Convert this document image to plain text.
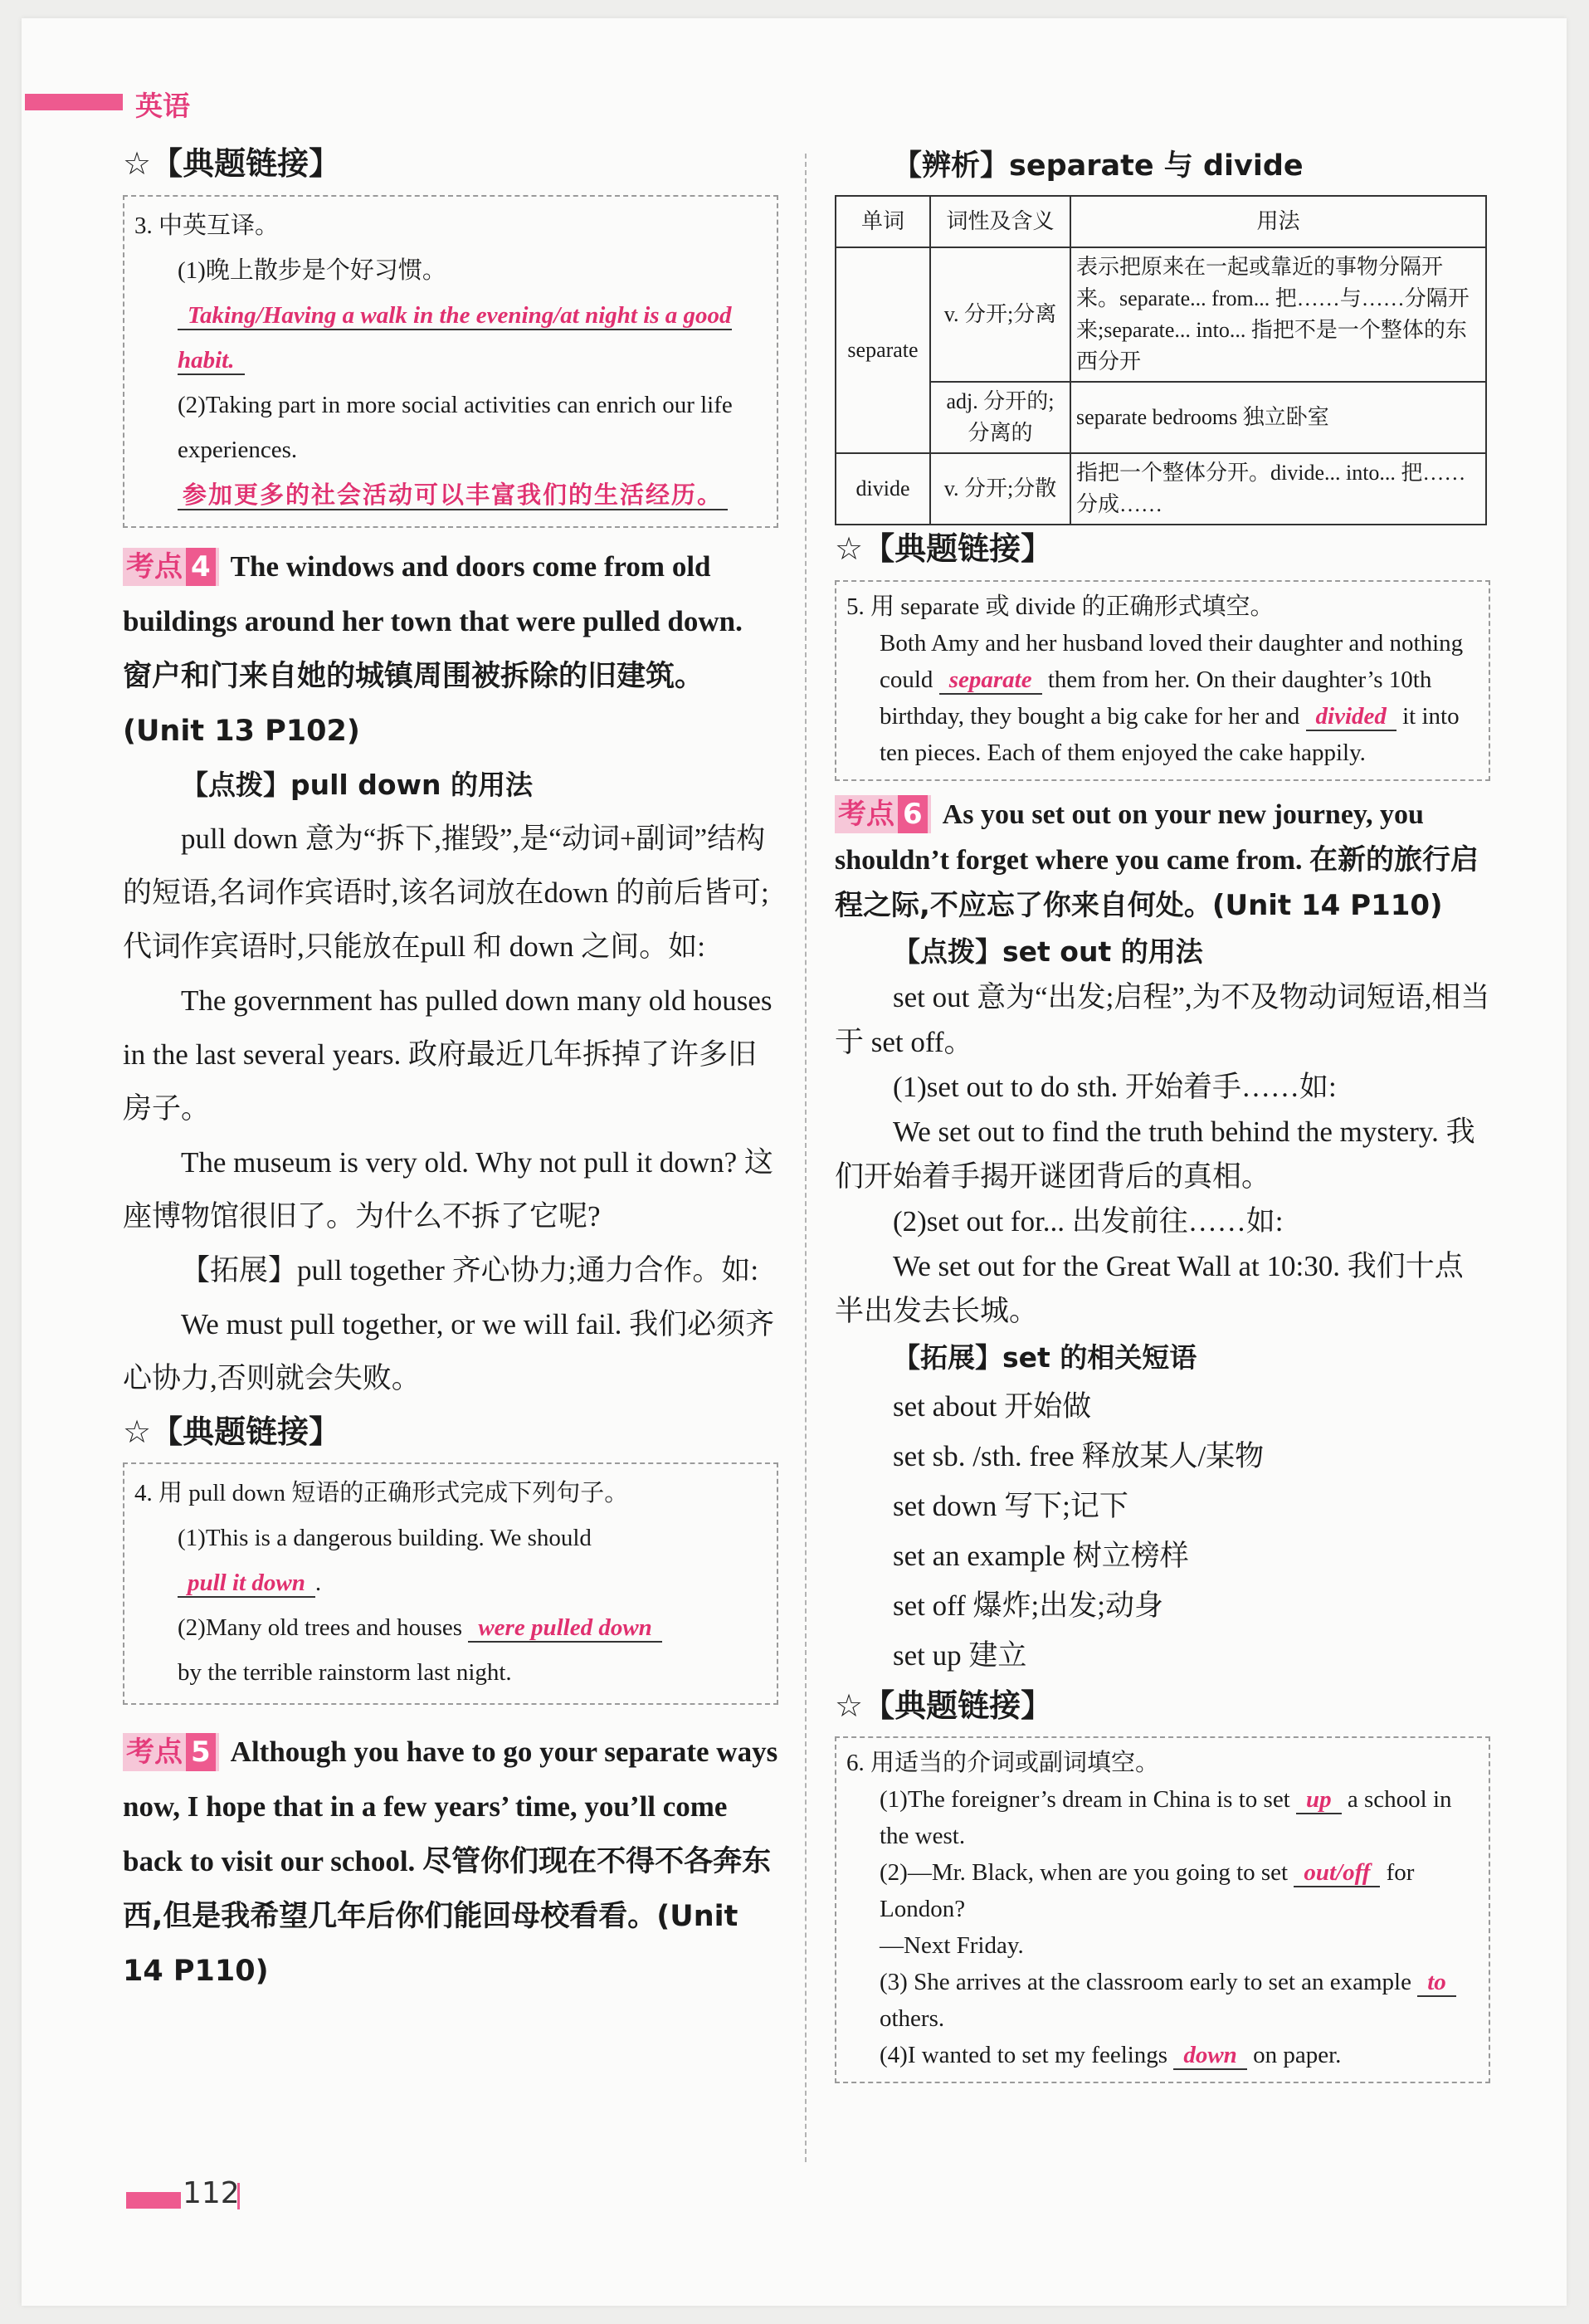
英语
☆【典题链接】
3. 中英互译。
(1)晚上散步是个好习惯。
Taking/Having a walk in the evening/at night is a good habit.
(2)Taking part in more social activities can enrich our life experiences.
参加更多的社会活动可以丰富我们的生活经历。
考点 4 The windows and doors come from old buildings around her town that were pulled down. 窗户和门来自她的城镇周围被拆除的旧建筑。(Unit 13 P102)
【点拨】pull down 的用法
pull down 意为“拆下,摧毁”,是“动词+副词”结构的短语,名词作宾语时,该名词放在down 的前后皆可;代词作宾语时,只能放在pull 和 down 之间。如:
The government has pulled down many old houses in the last several years. 政府最近几年拆掉了许多旧房子。
The museum is very old. Why not pull it down? 这座博物馆很旧了。为什么不拆了它呢?
【拓展】pull together 齐心协力;通力合作。如:
We must pull together, or we will fail. 我们必须齐心协力,否则就会失败。
☆【典题链接】
4. 用 pull down 短语的正确形式完成下列句子。
(1)This is a dangerous building. We should
pull it down .
(2)Many old trees and houses were pulled down
by the terrible rainstorm last night.
考点 5 Although you have to go your separate ways now, I hope that in a few years’ time, you’ll come back to visit our school. 尽管你们现在不得不各奔东西,但是我希望几年后你们能回母校看看。(Unit 14 P110)
【辨析】separate 与 divide
单词	词性及含义	用法
separate	v. 分开;分离	表示把原来在一起或靠近的事物分隔开来。separate... from... 把……与……分隔开来;separate... into... 指把不是一个整体的东西分开
	adj. 分开的;分离的	separate bedrooms 独立卧室
divide	v. 分开;分散	指把一个整体分开。divide... into... 把……分成……
☆【典题链接】
5. 用 separate 或 divide 的正确形式填空。
Both Amy and her husband loved their daughter and nothing could separate them from her. On their daughter’s 10th birthday, they bought a big cake for her and divided it into ten pieces. Each of them enjoyed the cake happily.
考点 6 As you set out on your new journey, you shouldn’t forget where you came from. 在新的旅行启程之际,不应忘了你来自何处。(Unit 14 P110)
【点拨】set out 的用法
set out 意为“出发;启程”,为不及物动词短语,相当于 set off。
(1)set out to do sth. 开始着手……如:
We set out to find the truth behind the mystery. 我们开始着手揭开谜团背后的真相。
(2)set out for... 出发前往……如:
We set out for the Great Wall at 10:30. 我们十点半出发去长城。
【拓展】set 的相关短语
set about 开始做
set sb. /sth. free 释放某人/某物
set down 写下;记下
set an example 树立榜样
set off 爆炸;出发;动身
set up 建立
☆【典题链接】
6. 用适当的介词或副词填空。
(1)The foreigner’s dream in China is to set up a school in the west.
(2)—Mr. Black, when are you going to set out/off for London?
—Next Friday.
(3) She arrives at the classroom early to set an example to others.
(4)I wanted to set my feelings down on paper.
112
